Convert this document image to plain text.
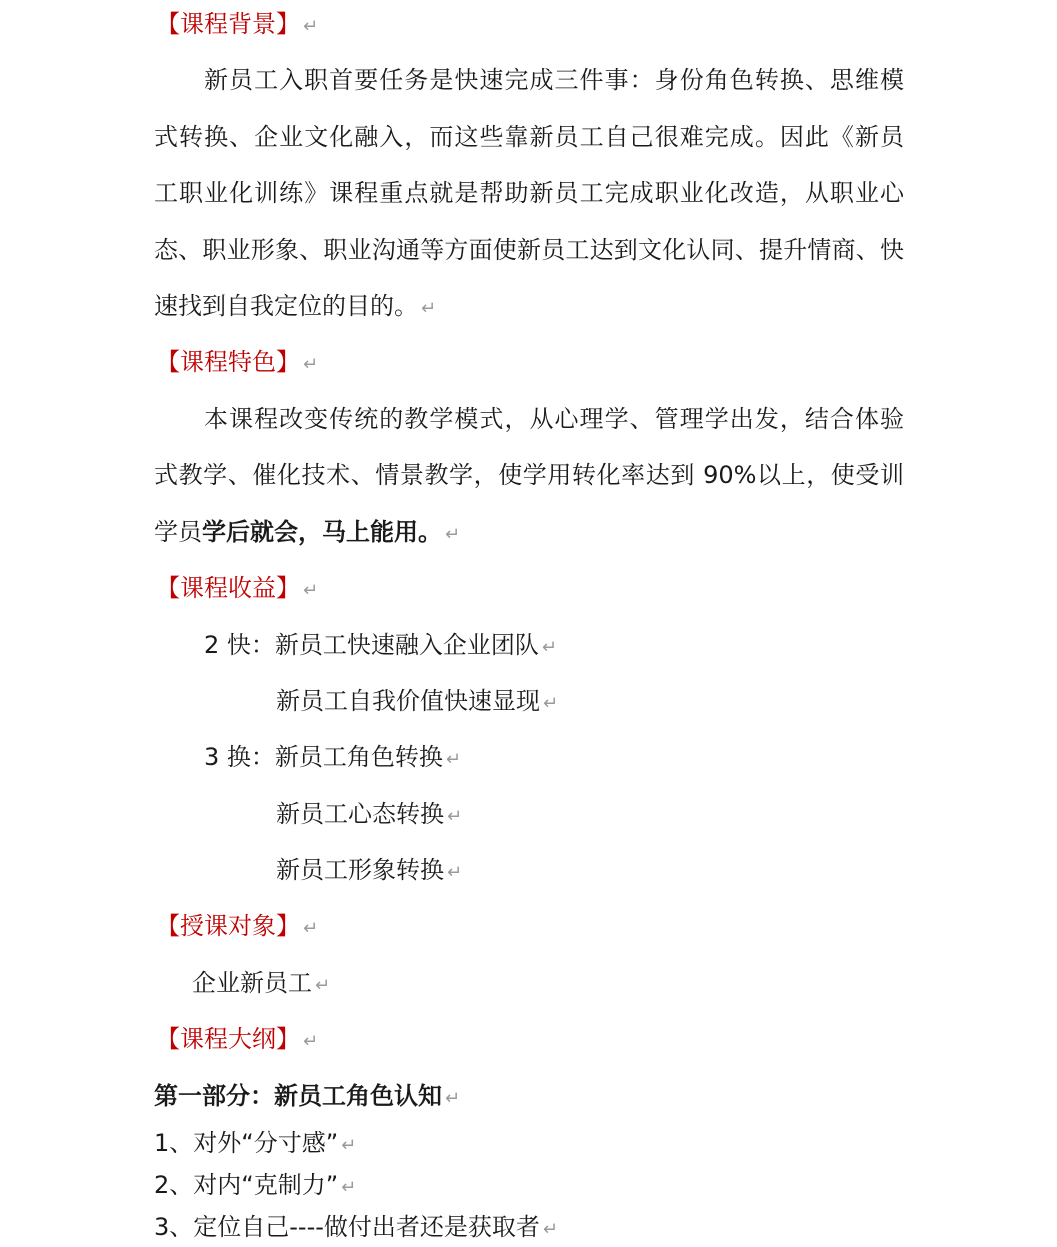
【课程背景】 ↵
新员工入职首要任务是快速完成三件事：身份角色转换、思维模
式转换、企业文化融入，而这些靠新员工自己很难完成。因此《新员
工职业化训练》课程重点就是帮助新员工完成职业化改造，从职业心
态、职业形象、职业沟通等方面使新员工达到文化认同、提升情商、快
速找到自我定位的目的。 ↵
【课程特色】 ↵
本课程改变传统的教学模式，从心理学、管理学出发，结合体验
式教学、催化技术、情景教学，使学用转化率达到 90%以上，使受训
学员学后就会，马上能用。 ↵
【课程收益】 ↵
2 快：新员工快速融入企业团队 ↵
新员工自我价值快速显现 ↵
3 换：新员工角色转换 ↵
新员工心态转换 ↵
新员工形象转换 ↵
【授课对象】 ↵
企业新员工 ↵
【课程大纲】 ↵
第一部分：新员工角色认知 ↵
1、对外“分寸感” ↵
2、对内“克制力” ↵
3、定位自己----做付出者还是获取者 ↵
